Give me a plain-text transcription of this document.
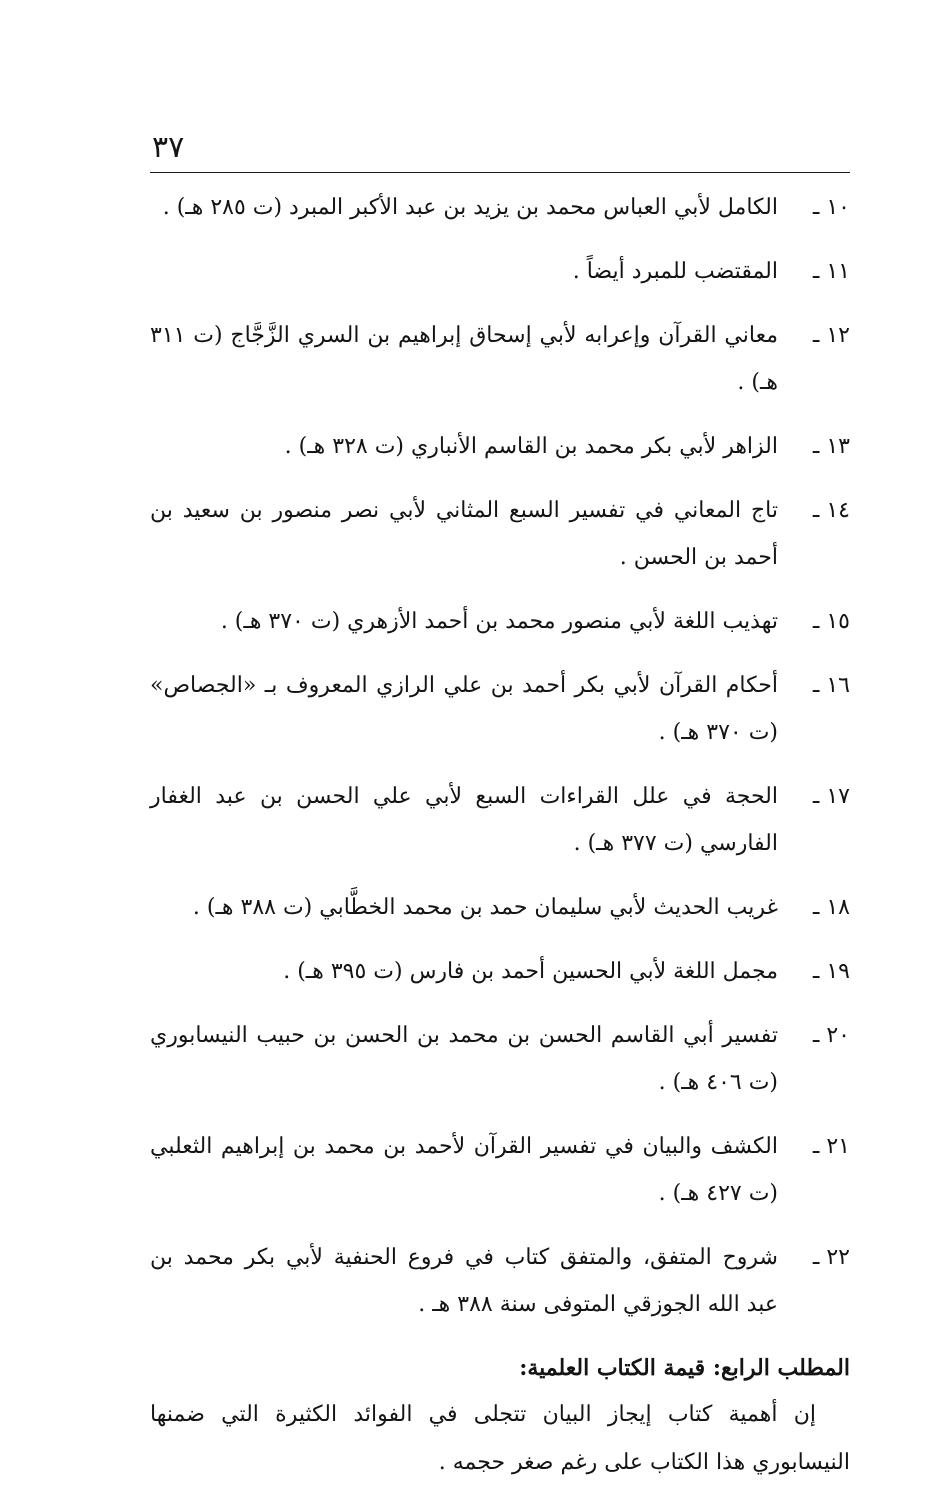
٣٧
١٠ ـ
الكامل لأبي العباس محمد بن يزيد بن عبد الأكبر المبرد (ت ٢٨٥ هـ) .
١١ ـ
المقتضب للمبرد أيضاً .
١٢ ـ
معاني القرآن وإعرابه لأبي إسحاق إبراهيم بن السري الزَّجَّاج (ت ٣١١ هـ) .
١٣ ـ
الزاهر لأبي بكر محمد بن القاسم الأنباري (ت ٣٢٨ هـ) .
١٤ ـ
تاج المعاني في تفسير السبع المثاني لأبي نصر منصور بن سعيد بن أحمد بن الحسن .
١٥ ـ
تهذيب اللغة لأبي منصور محمد بن أحمد الأزهري (ت ٣٧٠ هـ) .
١٦ ـ
أحكام القرآن لأبي بكر أحمد بن علي الرازي المعروف بـ «الجصاص» (ت ٣٧٠ هـ) .
١٧ ـ
الحجة في علل القراءات السبع لأبي علي الحسن بن عبد الغفار الفارسي (ت ٣٧٧ هـ) .
١٨ ـ
غريب الحديث لأبي سليمان حمد بن محمد الخطَّابي (ت ٣٨٨ هـ) .
١٩ ـ
مجمل اللغة لأبي الحسين أحمد بن فارس (ت ٣٩٥ هـ) .
٢٠ ـ
تفسير أبي القاسم الحسن بن محمد بن الحسن بن حبيب النيسابوري (ت ٤٠٦ هـ) .
٢١ ـ
الكشف والبيان في تفسير القرآن لأحمد بن محمد بن إبراهيم الثعلبي (ت ٤٢٧ هـ) .
٢٢ ـ
شروح المتفق، والمتفق كتاب في فروع الحنفية لأبي بكر محمد بن عبد الله الجوزقي المتوفى سنة ٣٨٨ هـ .
المطلب الرابع: قيمة الكتاب العلمية:
إن أهمية كتاب إيجاز البيان تتجلى في الفوائد الكثيرة التي ضمنها النيسابوري هذا الكتاب على رغم صغر حجمه .
